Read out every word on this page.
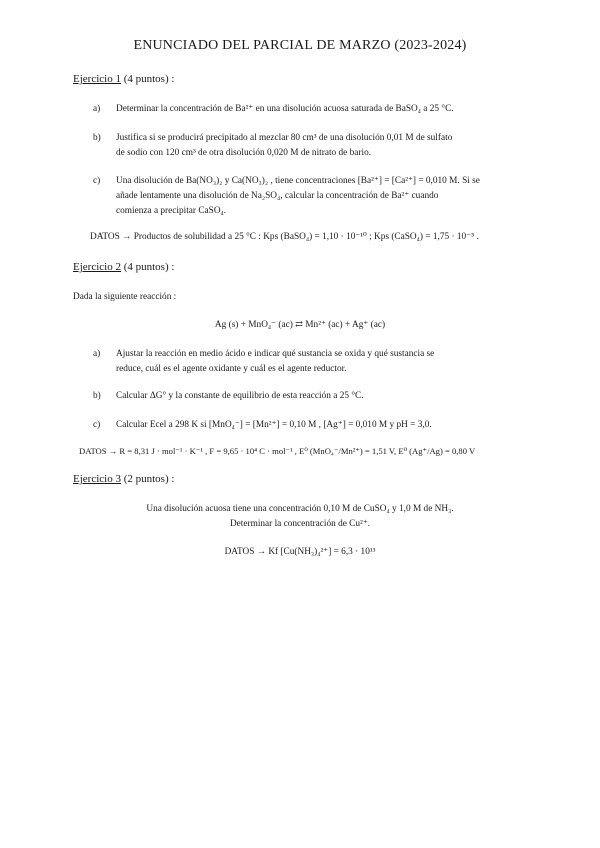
ENUNCIADO DEL PARCIAL DE MARZO (2023-2024)
Ejercicio 1 (4 puntos) :
a) Determinar la concentración de Ba²⁺ en una disolución acuosa saturada de BaSO₄ a 25 °C.
b) Justifica si se producirá precipitado al mezclar 80 cm³ de una disolución 0,01 M de sulfato
de sodio con 120 cm³ de otra disolución 0,020 M de nitrato de bario.
c) Una disolución de Ba(NO₃)₂ y Ca(NO₃)₂ , tiene concentraciones [Ba²⁺] = [Ca²⁺] = 0,010 M. Si se
añade lentamente una disolución de Na₂SO₄, calcular la concentración de Ba²⁺ cuando
comienza a precipitar CaSO₄.
DATOS → Productos de solubilidad a 25 °C : Kps (BaSO₄) = 1,10 · 10⁻¹⁰ ; Kps (CaSO₄) = 1,75 · 10⁻⁵ .
Ejercicio 2 (4 puntos) :
Dada la siguiente reacción :
Ag (s) + MnO₄⁻ (ac) ⇄ Mn²⁺ (ac) + Ag⁺ (ac)
a) Ajustar la reacción en medio ácido e indicar qué sustancia se oxida y qué sustancia se
reduce, cuál es el agente oxidante y cuál es el agente reductor.
b) Calcular ΔG° y la constante de equilibrio de esta reacción a 25 °C.
c) Calcular Ecel a 298 K si [MnO₄⁻] = [Mn²⁺] = 0,10 M , [Ag⁺] = 0,010 M y pH = 3,0.
DATOS → R = 8,31 J · mol⁻¹ · K⁻¹ , F = 9,65 · 10⁴ C · mol⁻¹ , E⁰ (MnO₄⁻/Mn²⁺) = 1,51 V, E⁰ (Ag⁺/Ag) = 0,80 V
Ejercicio 3 (2 puntos) :
Una disolución acuosa tiene una concentración 0,10 M de CuSO₄ y 1,0 M de NH₃.
Determinar la concentración de Cu²⁺.
DATOS → Kf [Cu(NH₃)₄²⁺] = 6,3 · 10¹³
